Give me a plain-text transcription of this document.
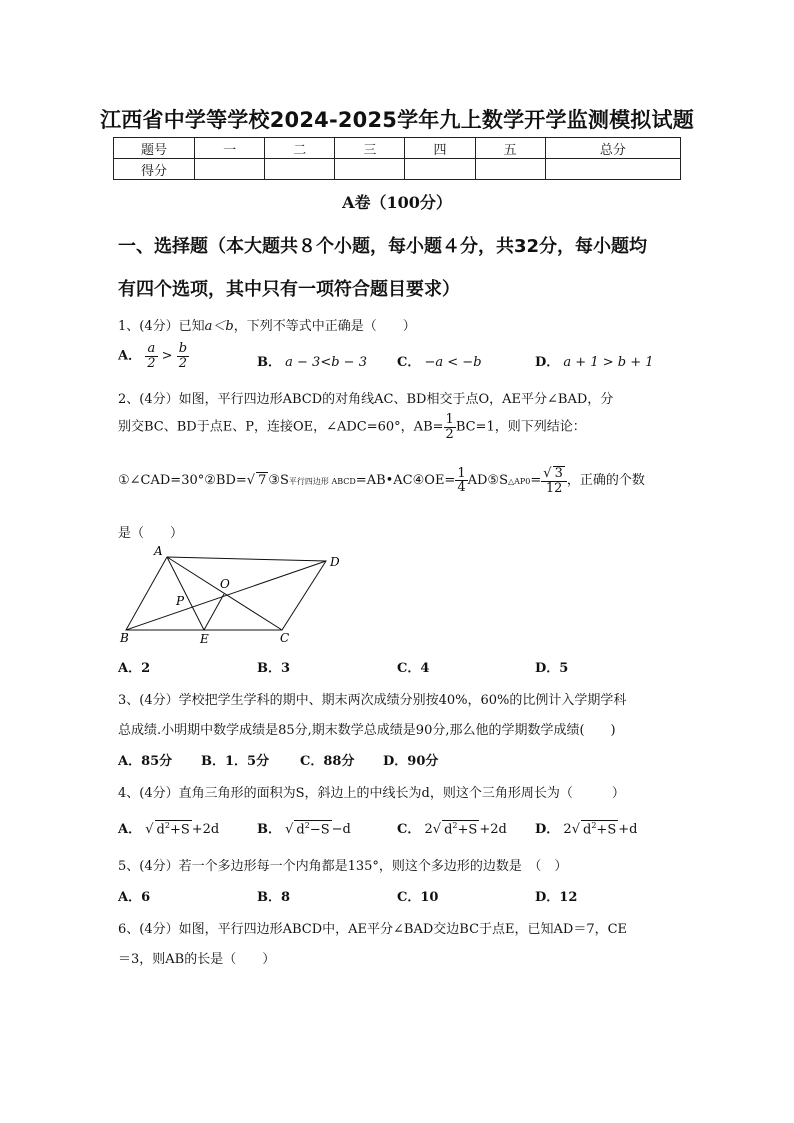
江西省中学等学校2024-2025学年九上数学开学监测模拟试题
题号	一	二	三	四	五	总分
得分						
A卷（100分）
一、选择题（本大题共８个小题，每小题４分，共32分，每小题均
有四个选项，其中只有一项符合题目要求）
1、(4分）已知a＜b，下列不等式中正确是（　　）
A． $\frac{a}{2} > \frac{b}{2}$	B． a − 3<b − 3 C． −a < −b	D． a + 1 > b + 1
2、(4分）如图，平行四边形ABCD的对角线AC、BD相交于点O，AE平分∠BAD，分
别交BC、BD于点E、P，连接OE，∠ADC=60°，$AB= \frac{1}{2} BC=1$，则下列结论：
①∠CAD=30°②BD=√ 7 ③S平行四边形 ABCD=AB•AC④OE= $\frac{1}{4}$ AD⑤S△AP0= $\frac{√ 3}{12}$ ，正确的个数
是（　　）
A
D
B	C
E
O
P
A．2	B．3	C．4	D．5
3、(4分）学校把学生学科的期中、期末两次成绩分别按40%，60%的比例计入学期学科
总成绩.小明期中数学成绩是85分,期末数学总成绩是90分,那么他的学期数学成绩(　　)
A．85分 B．1．5分 C．88分 D．90分
4、(4分）直角三角形的面积为S，斜边上的中线长为d，则这个三角形周长为（　　　）
A． √ $d^2+S +2d$	B． √ $d^2-S -d$	C． 2√ $d^2+S +2d$ D． 2√ $d^2+S +d$
5、(4分）若一个多边形每一个内角都是135°，则这个多边形的边数是　（　）
A．6	B．8	C．10	D．12
6、(4分）如图，平行四边形ABCD中，AE平分∠BAD交边BC于点E，已知AD＝7，CE
＝3，则AB的长是（　　）
